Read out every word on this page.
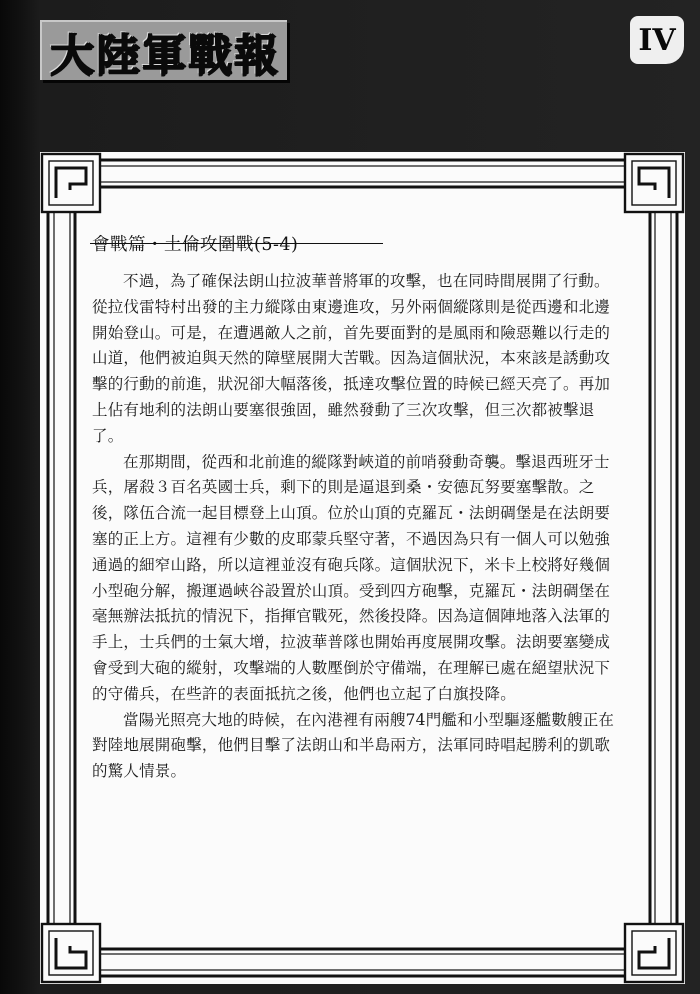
大陸軍戰報	IV
會戰篇・土倫攻圍戰(5-4)

不過，為了確保法朗山拉波華普將軍的攻擊，也在同時間展開了行動。從拉伐雷特村出發的主力縱隊由東邊進攻，另外兩個縱隊則是從西邊和北邊開始登山。可是，在遭遇敵人之前，首先要面對的是風雨和險惡難以行走的山道，他們被迫與天然的障壁展開大苦戰。因為這個狀況，本來該是誘動攻擊的行動的前進，狀況卻大幅落後，抵達攻擊位置的時候已經天亮了。再加上佔有地利的法朗山要塞很強固，雖然發動了三次攻擊，但三次都被擊退了。

在那期間，從西和北前進的縱隊對峽道的前哨發動奇襲。擊退西班牙士兵，屠殺３百名英國士兵，剩下的則是逼退到桑・安德瓦努要塞擊散。之後，隊伍合流一起目標登上山頂。位於山頂的克羅瓦・法朗碉堡是在法朗要塞的正上方。這裡有少數的皮耶蒙兵堅守著，不過因為只有一個人可以勉強通過的細窄山路，所以這裡並沒有砲兵隊。這個狀況下，米卡上校將好幾個小型砲分解，搬運過峽谷設置於山頂。受到四方砲擊，克羅瓦・法朗碉堡在毫無辦法抵抗的情況下，指揮官戰死，然後投降。因為這個陣地落入法軍的手上，士兵們的士氣大增，拉波華普隊也開始再度展開攻擊。法朗要塞變成會受到大砲的縱射，攻擊端的人數壓倒於守備端，在理解已處在絕望狀況下的守備兵，在些許的表面抵抗之後，他們也立起了白旗投降。

當陽光照亮大地的時候，在內港裡有兩艘74門艦和小型驅逐艦數艘正在對陸地展開砲擊，他們目擊了法朗山和半島兩方，法軍同時唱起勝利的凱歌的驚人情景。
